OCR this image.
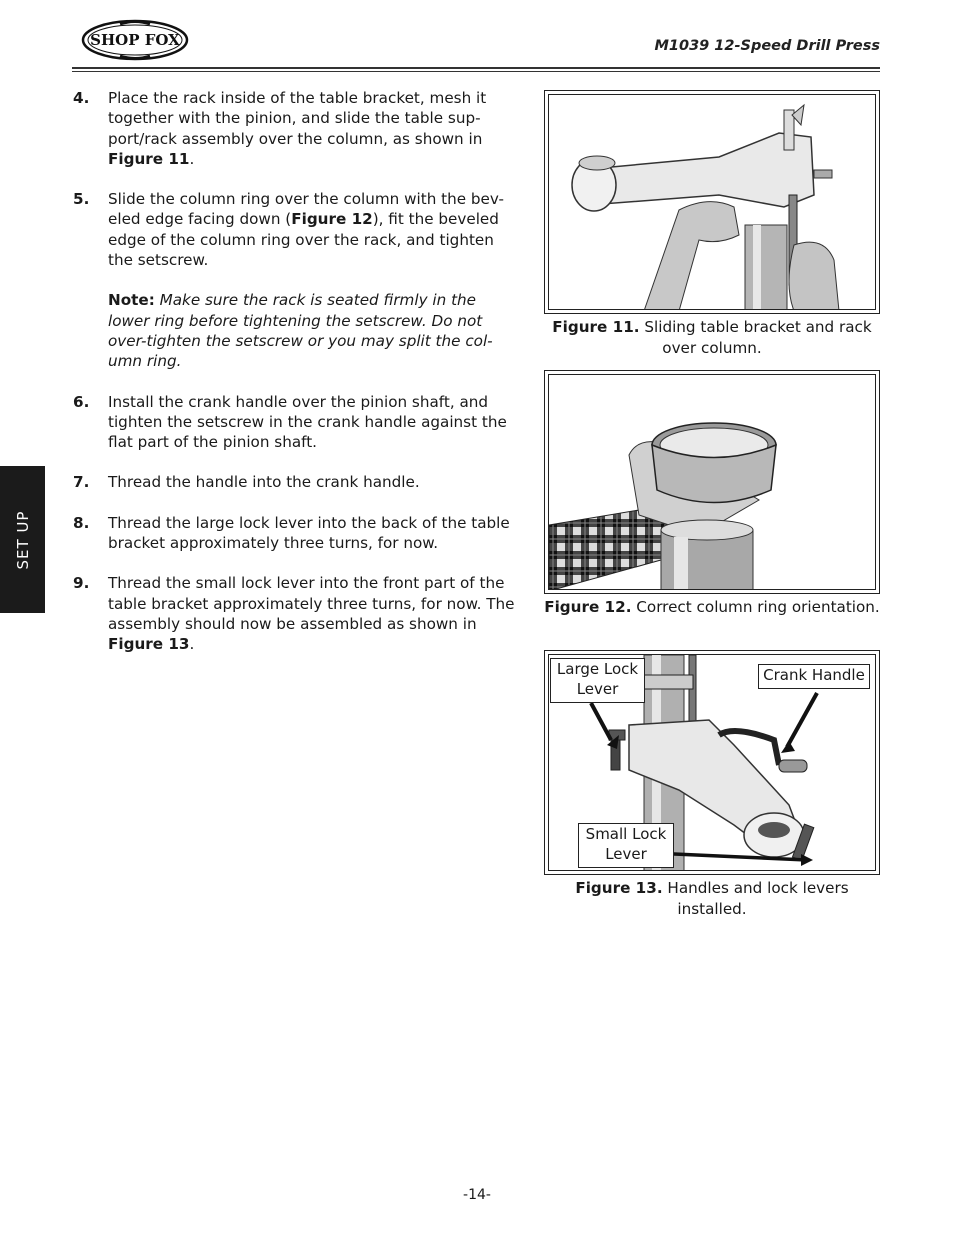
SHOP FOX	M1039 12-Speed Drill Press
SET UP
4. Place the rack inside of the table bracket, mesh it together with the pinion, and slide the table sup-port/rack assembly over the column, as shown in Figure 11.

5. Slide the column ring over the column with the bev-eled edge facing down (Figure 12), fit the beveled edge of the column ring over the rack, and tighten the setscrew.

Note: Make sure the rack is seated firmly in the lower ring before tightening the setscrew. Do not over-tighten the setscrew or you may split the col-umn ring.

6. Install the crank handle over the pinion shaft, and tighten the setscrew in the crank handle against the flat part of the pinion shaft.

7. Thread the handle into the crank handle.

8. Thread the large lock lever into the back of the table bracket approximately three turns, for now.

9. Thread the small lock lever into the front part of the table bracket approximately three turns, for now. The assembly should now be assembled as shown in Figure 13.

Figure 11. Sliding table bracket and rack over column.
Figure 12. Correct column ring orientation.
Large Lock Lever
Crank Handle
Small Lock Lever
Figure 13. Handles and lock levers installed.
-14-
